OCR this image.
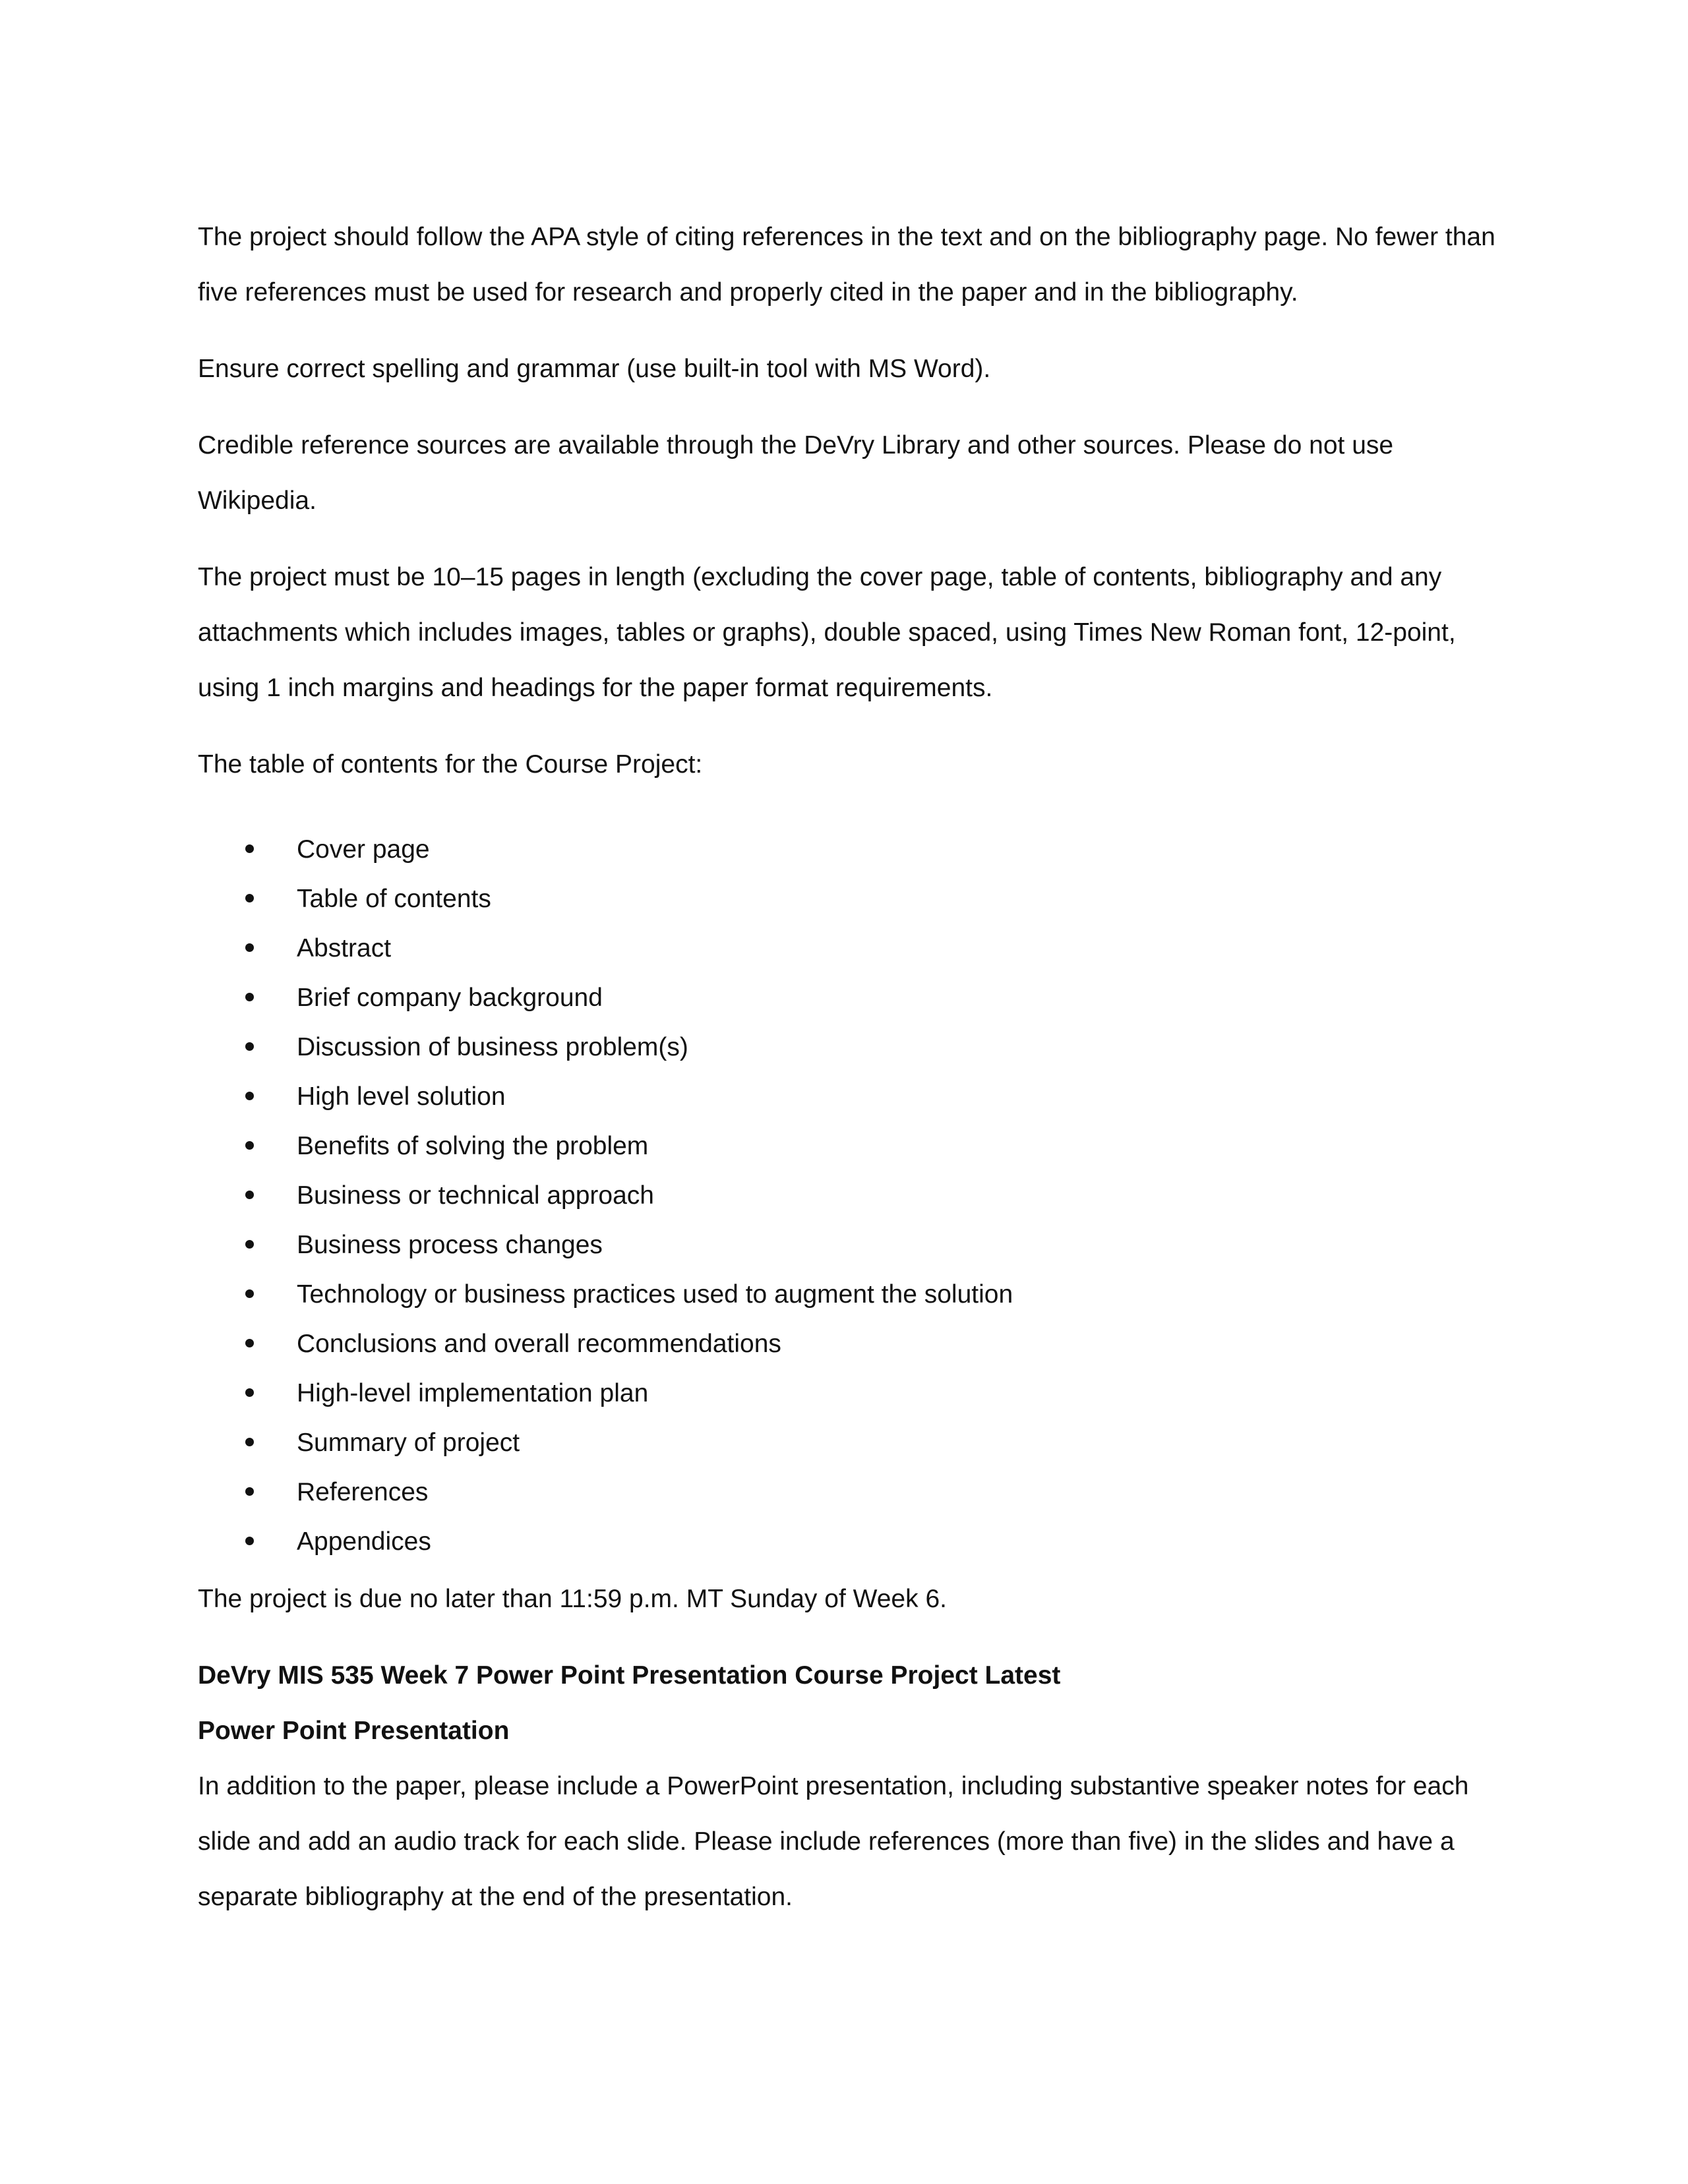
The project should follow the APA style of citing references in the text and on the bibliography page. No fewer than five references must be used for research and properly cited in the paper and in the bibliography.

Ensure correct spelling and grammar (use built-in tool with MS Word).

Credible reference sources are available through the DeVry Library and other sources. Please do not use Wikipedia.

The project must be 10–15 pages in length (excluding the cover page, table of contents, bibliography and any attachments which includes images, tables or graphs), double spaced, using Times New Roman font, 12-point, using 1 inch margins and headings for the paper format requirements.

The table of contents for the Course Project:

Cover page
Table of contents
Abstract
Brief company background
Discussion of business problem(s)
High level solution
Benefits of solving the problem
Business or technical approach
Business process changes
Technology or business practices used to augment the solution
Conclusions and overall recommendations
High-level implementation plan
Summary of project
References
Appendices

The project is due no later than 11:59 p.m. MT Sunday of Week 6.

DeVry MIS 535 Week 7 Power Point Presentation Course Project Latest

Power Point Presentation

In addition to the paper, please include a PowerPoint presentation, including substantive speaker notes for each slide and add an audio track for each slide. Please include references (more than five) in the slides and have a separate bibliography at the end of the presentation.
